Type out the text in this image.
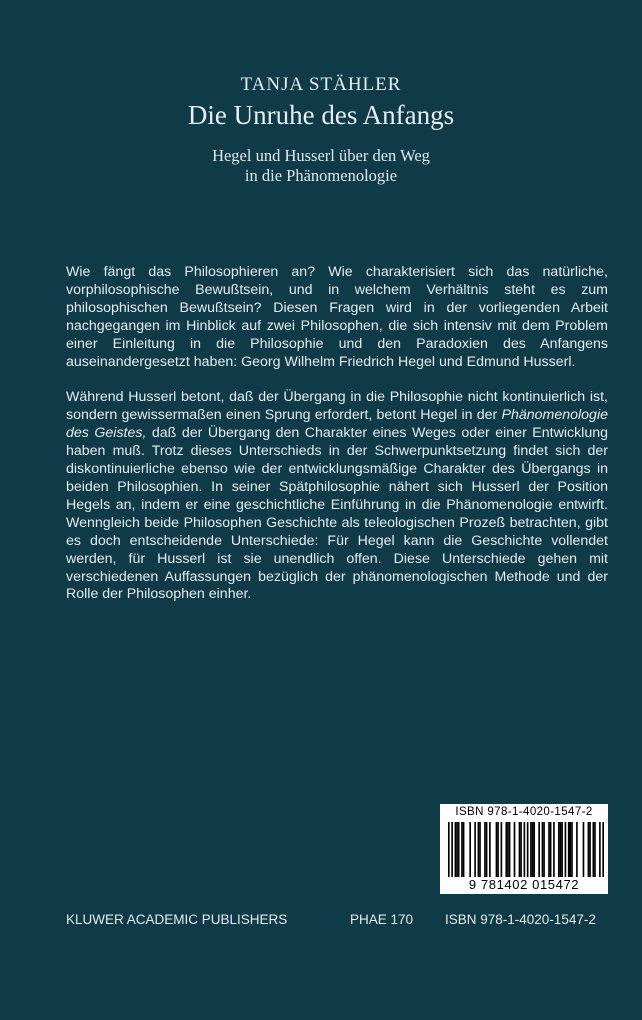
TANJA STÄHLER
Die Unruhe des Anfangs
Hegel und Husserl über den Weg
in die Phänomenologie

Wie fängt das Philosophieren an? Wie charakterisiert sich das natürliche, vorphilosophische Bewußtsein, und in welchem Verhältnis steht es zum philosophischen Bewußtsein? Diesen Fragen wird in der vorliegenden Arbeit nachgegangen im Hinblick auf zwei Philosophen, die sich intensiv mit dem Problem einer Einleitung in die Philosophie und den Paradoxien des Anfangens auseinandergesetzt haben: Georg Wilhelm Friedrich Hegel und Edmund Husserl.

Während Husserl betont, daß der Übergang in die Philosophie nicht kontinuierlich ist, sondern gewissermaßen einen Sprung erfordert, betont Hegel in der Phänomenologie des Geistes, daß der Übergang den Charakter eines Weges oder einer Entwicklung haben muß. Trotz dieses Unterschieds in der Schwerpunktsetzung findet sich der diskontinuierliche ebenso wie der entwicklungsmäßige Charakter des Übergangs in beiden Philosophien. In seiner Spätphilosophie nähert sich Husserl der Position Hegels an, indem er eine geschichtliche Einführung in die Phänomenologie entwirft. Wenngleich beide Philosophen Geschichte als teleologischen Prozeß betrachten, gibt es doch entscheidende Unterschiede: Für Hegel kann die Geschichte vollendet werden, für Husserl ist sie unendlich offen. Diese Unterschiede gehen mit verschiedenen Auffassungen bezüglich der phänomenologischen Methode und der Rolle der Philosophen einher.

ISBN 978-1-4020-1547-2
9 781402 015472
KLUWER ACADEMIC PUBLISHERS	PHAE 170 ISBN 978-1-4020-1547-2
